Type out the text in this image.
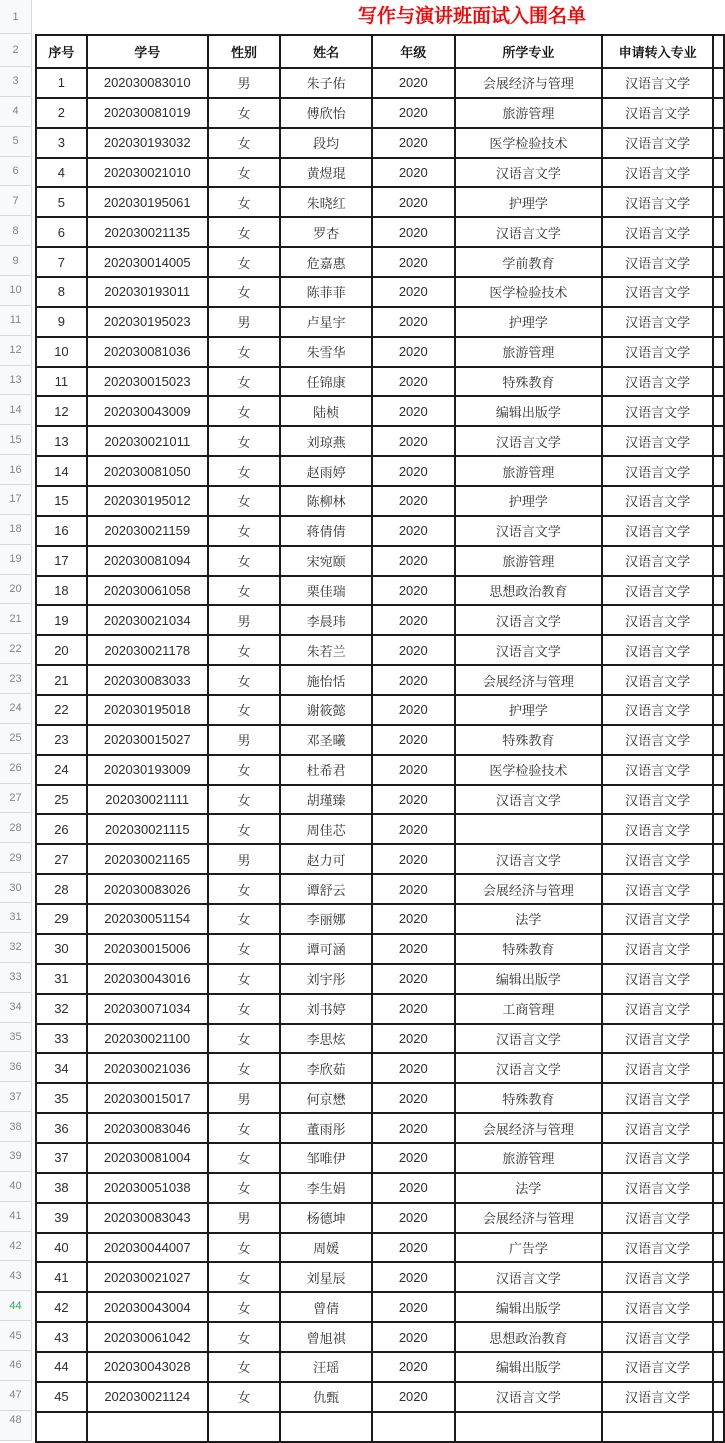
1
2
3
4
5
6
7
8
9
10
11
12
13
14
15
16
17
18
19
20
21
22
23
24
25
26
27
28
29
30
31
32
33
34
35
36
37
38
39
40
41
42
43
44
45
46
47
48
写作与演讲班面试入围名单
序号	学号	性别	姓名	年级	所学专业	申请转入专业	
1	202030083010	男	朱子佑	2020	会展经济与管理	汉语言文学	
2	202030081019	女	傅欣怡	2020	旅游管理	汉语言文学	
3	202030193032	女	段均	2020	医学检验技术	汉语言文学	
4	202030021010	女	黄煜琨	2020	汉语言文学	汉语言文学	
5	202030195061	女	朱晓红	2020	护理学	汉语言文学	
6	202030021135	女	罗杏	2020	汉语言文学	汉语言文学	
7	202030014005	女	危嘉惠	2020	学前教育	汉语言文学	
8	202030193011	女	陈菲菲	2020	医学检验技术	汉语言文学	
9	202030195023	男	卢星宇	2020	护理学	汉语言文学	
10	202030081036	女	朱雪华	2020	旅游管理	汉语言文学	
11	202030015023	女	任锦康	2020	特殊教育	汉语言文学	
12	202030043009	女	陆桢	2020	编辑出版学	汉语言文学	
13	202030021011	女	刘琼燕	2020	汉语言文学	汉语言文学	
14	202030081050	女	赵雨婷	2020	旅游管理	汉语言文学	
15	202030195012	女	陈柳林	2020	护理学	汉语言文学	
16	202030021159	女	蒋倩倩	2020	汉语言文学	汉语言文学	
17	202030081094	女	宋宛颐	2020	旅游管理	汉语言文学	
18	202030061058	女	栗佳瑞	2020	思想政治教育	汉语言文学	
19	202030021034	男	李晨玮	2020	汉语言文学	汉语言文学	
20	202030021178	女	朱若兰	2020	汉语言文学	汉语言文学	
21	202030083033	女	施怡恬	2020	会展经济与管理	汉语言文学	
22	202030195018	女	谢筱懿	2020	护理学	汉语言文学	
23	202030015027	男	邓圣曦	2020	特殊教育	汉语言文学	
24	202030193009	女	杜希君	2020	医学检验技术	汉语言文学	
25	202030021111	女	胡瑾臻	2020	汉语言文学	汉语言文学	
26	202030021115	女	周佳芯	2020		汉语言文学	
27	202030021165	男	赵力可	2020	汉语言文学	汉语言文学	
28	202030083026	女	谭舒云	2020	会展经济与管理	汉语言文学	
29	202030051154	女	李丽娜	2020	法学	汉语言文学	
30	202030015006	女	谭可涵	2020	特殊教育	汉语言文学	
31	202030043016	女	刘宇彤	2020	编辑出版学	汉语言文学	
32	202030071034	女	刘书婷	2020	工商管理	汉语言文学	
33	202030021100	女	李思炫	2020	汉语言文学	汉语言文学	
34	202030021036	女	李欣茹	2020	汉语言文学	汉语言文学	
35	202030015017	男	何京懋	2020	特殊教育	汉语言文学	
36	202030083046	女	董雨彤	2020	会展经济与管理	汉语言文学	
37	202030081004	女	邹唯伊	2020	旅游管理	汉语言文学	
38	202030051038	女	李生娟	2020	法学	汉语言文学	
39	202030083043	男	杨德坤	2020	会展经济与管理	汉语言文学	
40	202030044007	女	周媛	2020	广告学	汉语言文学	
41	202030021027	女	刘星辰	2020	汉语言文学	汉语言文学	
42	202030043004	女	曾倩	2020	编辑出版学	汉语言文学	
43	202030061042	女	曾旭祺	2020	思想政治教育	汉语言文学	
44	202030043028	女	汪瑶	2020	编辑出版学	汉语言文学	
45	202030021124	女	仇甄	2020	汉语言文学	汉语言文学	
